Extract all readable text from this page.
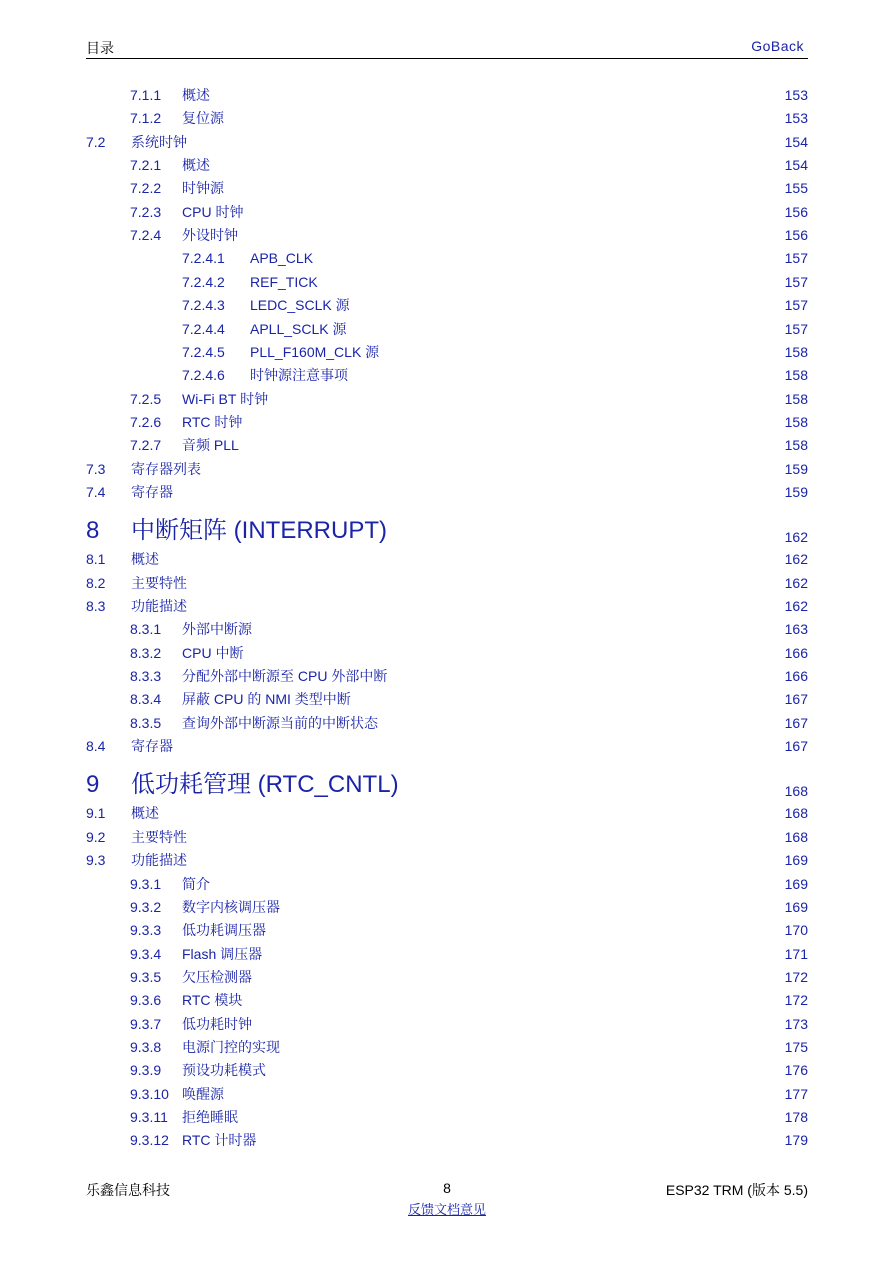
目录	GoBack
7.1.1 概述	153
7.1.2 复位源	153
7.2 系统时钟	154
7.2.1 概述	154
7.2.2 时钟源	155
7.2.3 CPU 时钟	156
7.2.4 外设时钟	156
7.2.4.1 APB_CLK	157
7.2.4.2 REF_TICK	157
7.2.4.3 LEDC_SCLK 源	157
7.2.4.4 APLL_SCLK 源	157
7.2.4.5 PLL_F160M_CLK 源	158
7.2.4.6 时钟源注意事项	158
7.2.5 Wi-Fi BT 时钟	158
7.2.6 RTC 时钟	158
7.2.7 音频 PLL	158
7.3 寄存器列表	159
7.4 寄存器	159
8 中断矩阵 (INTERRUPT)	162
8.1 概述	162
8.2 主要特性	162
8.3 功能描述	162
8.3.1 外部中断源	163
8.3.2 CPU 中断	166
8.3.3 分配外部中断源至 CPU 外部中断	166
8.3.4 屏蔽 CPU 的 NMI 类型中断	167
8.3.5 查询外部中断源当前的中断状态	167
8.4 寄存器	167
9 低功耗管理 (RTC_CNTL)	168
9.1 概述	168
9.2 主要特性	168
9.3 功能描述	169
9.3.1 简介	169
9.3.2 数字内核调压器	169
9.3.3 低功耗调压器	170
9.3.4 Flash 调压器	171
9.3.5 欠压检测器	172
9.3.6 RTC 模块	172
9.3.7 低功耗时钟	173
9.3.8 电源门控的实现	175
9.3.9 预设功耗模式	176
9.3.10 唤醒源	177
9.3.11 拒绝睡眠	178
9.3.12 RTC 计时器	179
乐鑫信息科技	8	ESP32 TRM (版本 5.5)
反馈文档意见
